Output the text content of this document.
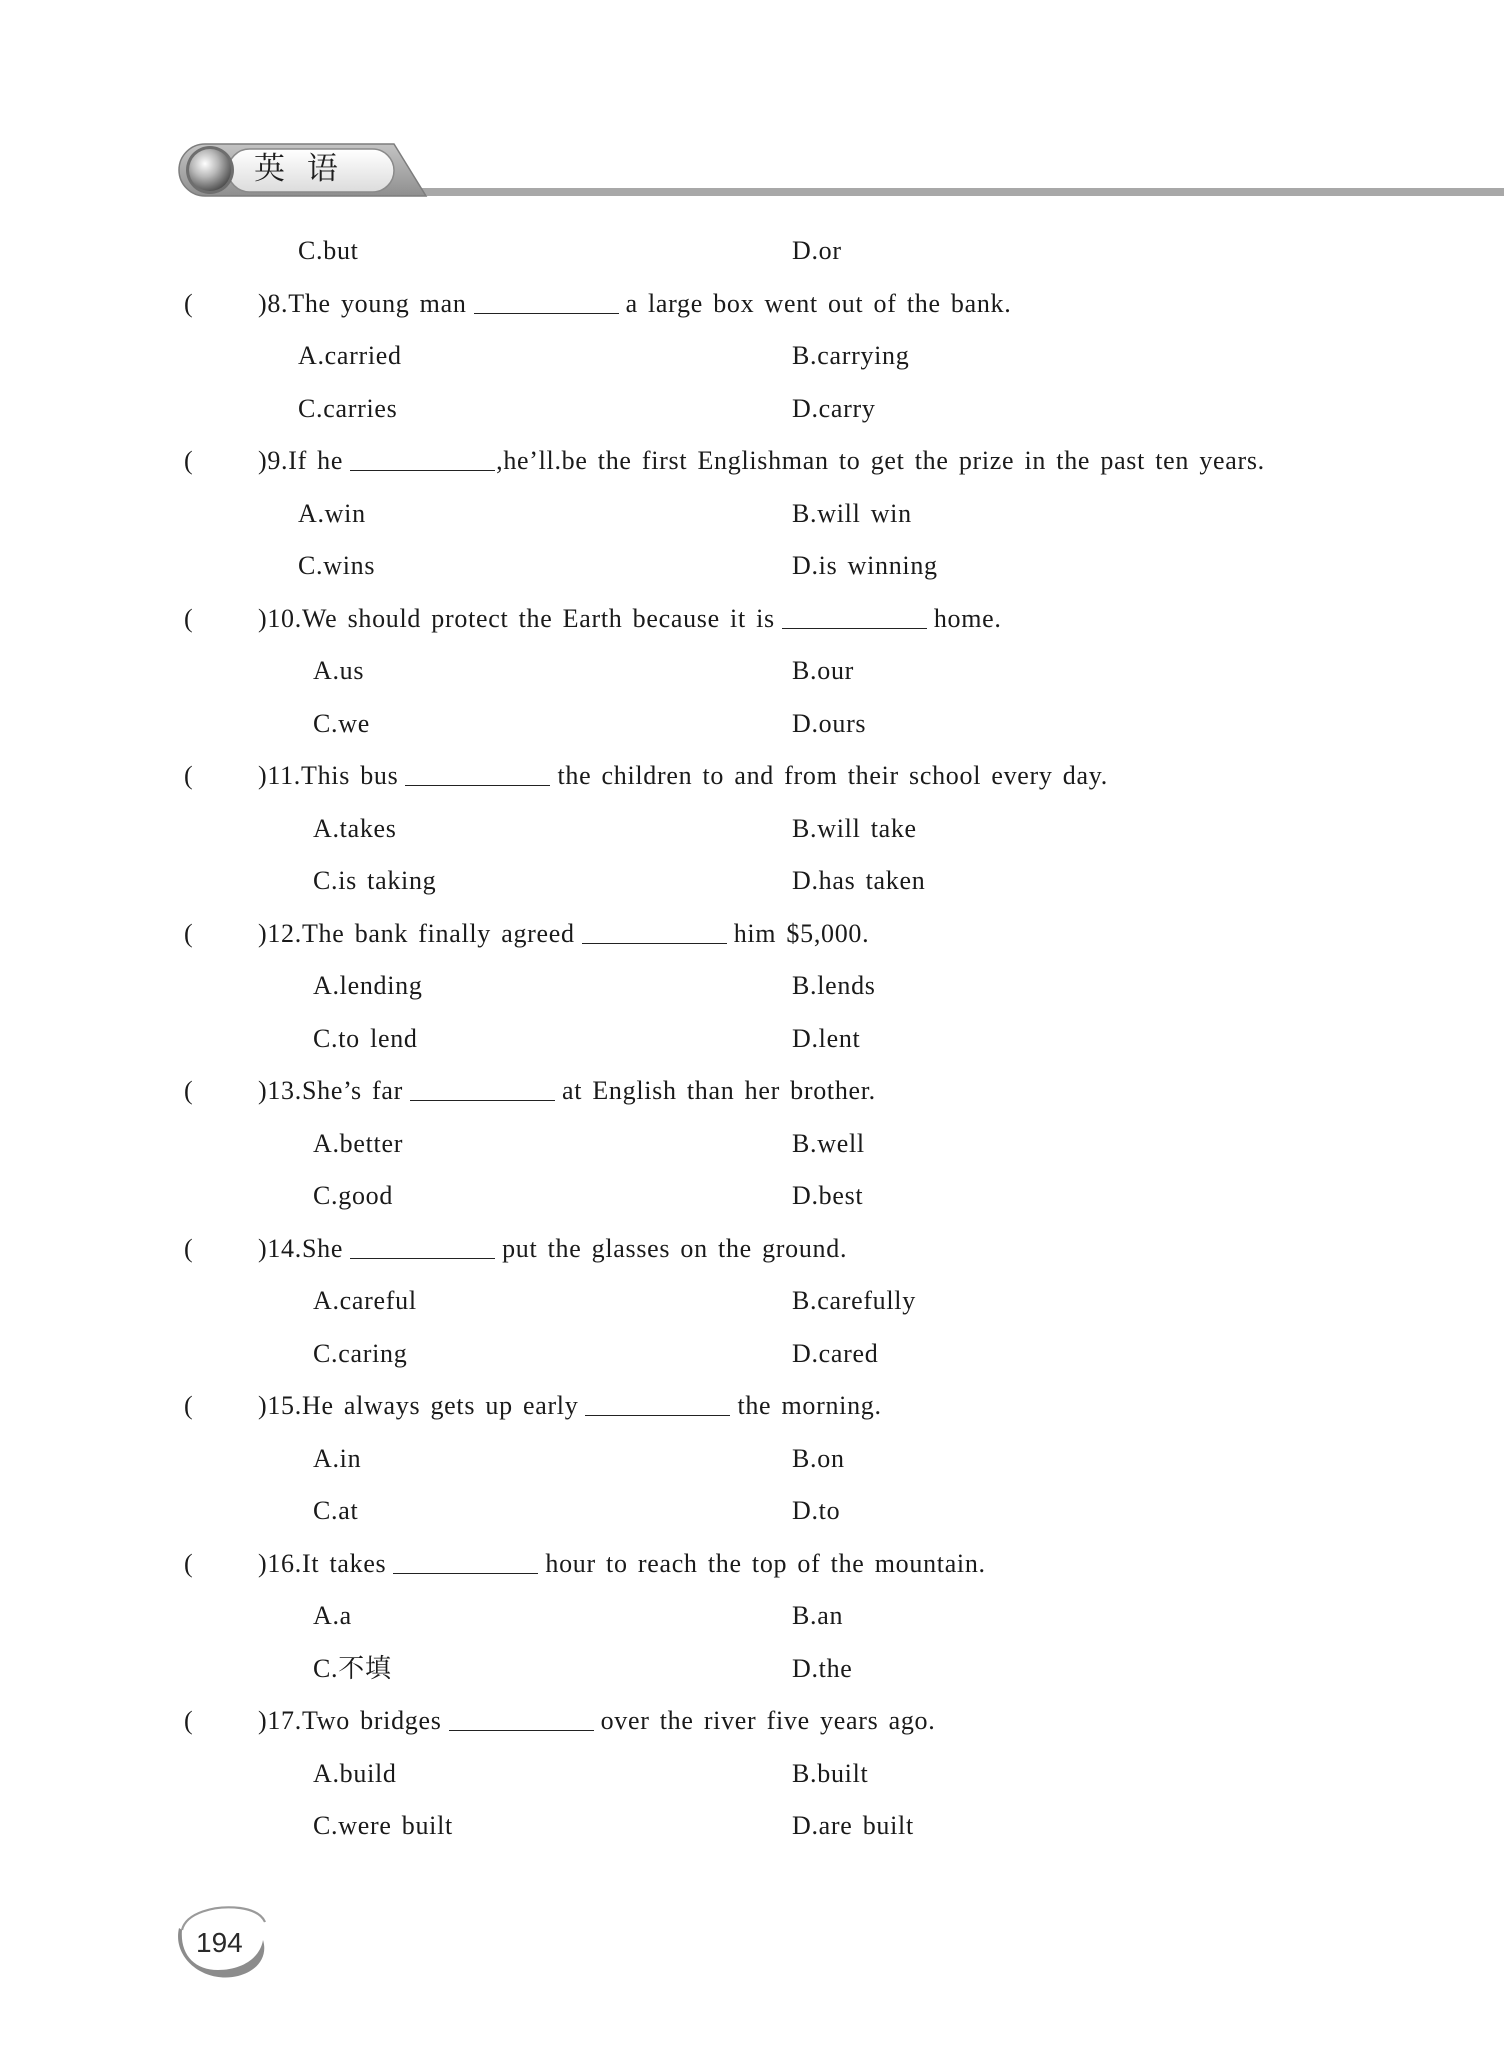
英 语
C.but	D.or
( )8.The young man	a large box went out of the bank.
A.carried	B.carrying
C.carries	D.carry
( )9.If he	,he’ll.be the first Englishman to get the prize in the past ten years.
A.win	B.will win
C.wins	D.is winning
( )10.We should protect the Earth because it is	home.
A.us	B.our
C.we	D.ours
( )11.This bus	the children to and from their school every day.
A.takes	B.will take
C.is taking	D.has taken
( )12.The bank finally agreed	him $5,000.
A.lending	B.lends
C.to lend	D.lent
( )13.She’s far	at English than her brother.
A.better	B.well
C.good	D.best
( )14.She	put the glasses on the ground.
A.careful	B.carefully
C.caring	D.cared
( )15.He always gets up early	the morning.
A.in	B.on
C.at	D.to
( )16.It takes	hour to reach the top of the mountain.
A.a	B.an
C.不填	D.the
( )17.Two bridges	over the river five years ago.
A.build	B.built
C.were built	D.are built
194
